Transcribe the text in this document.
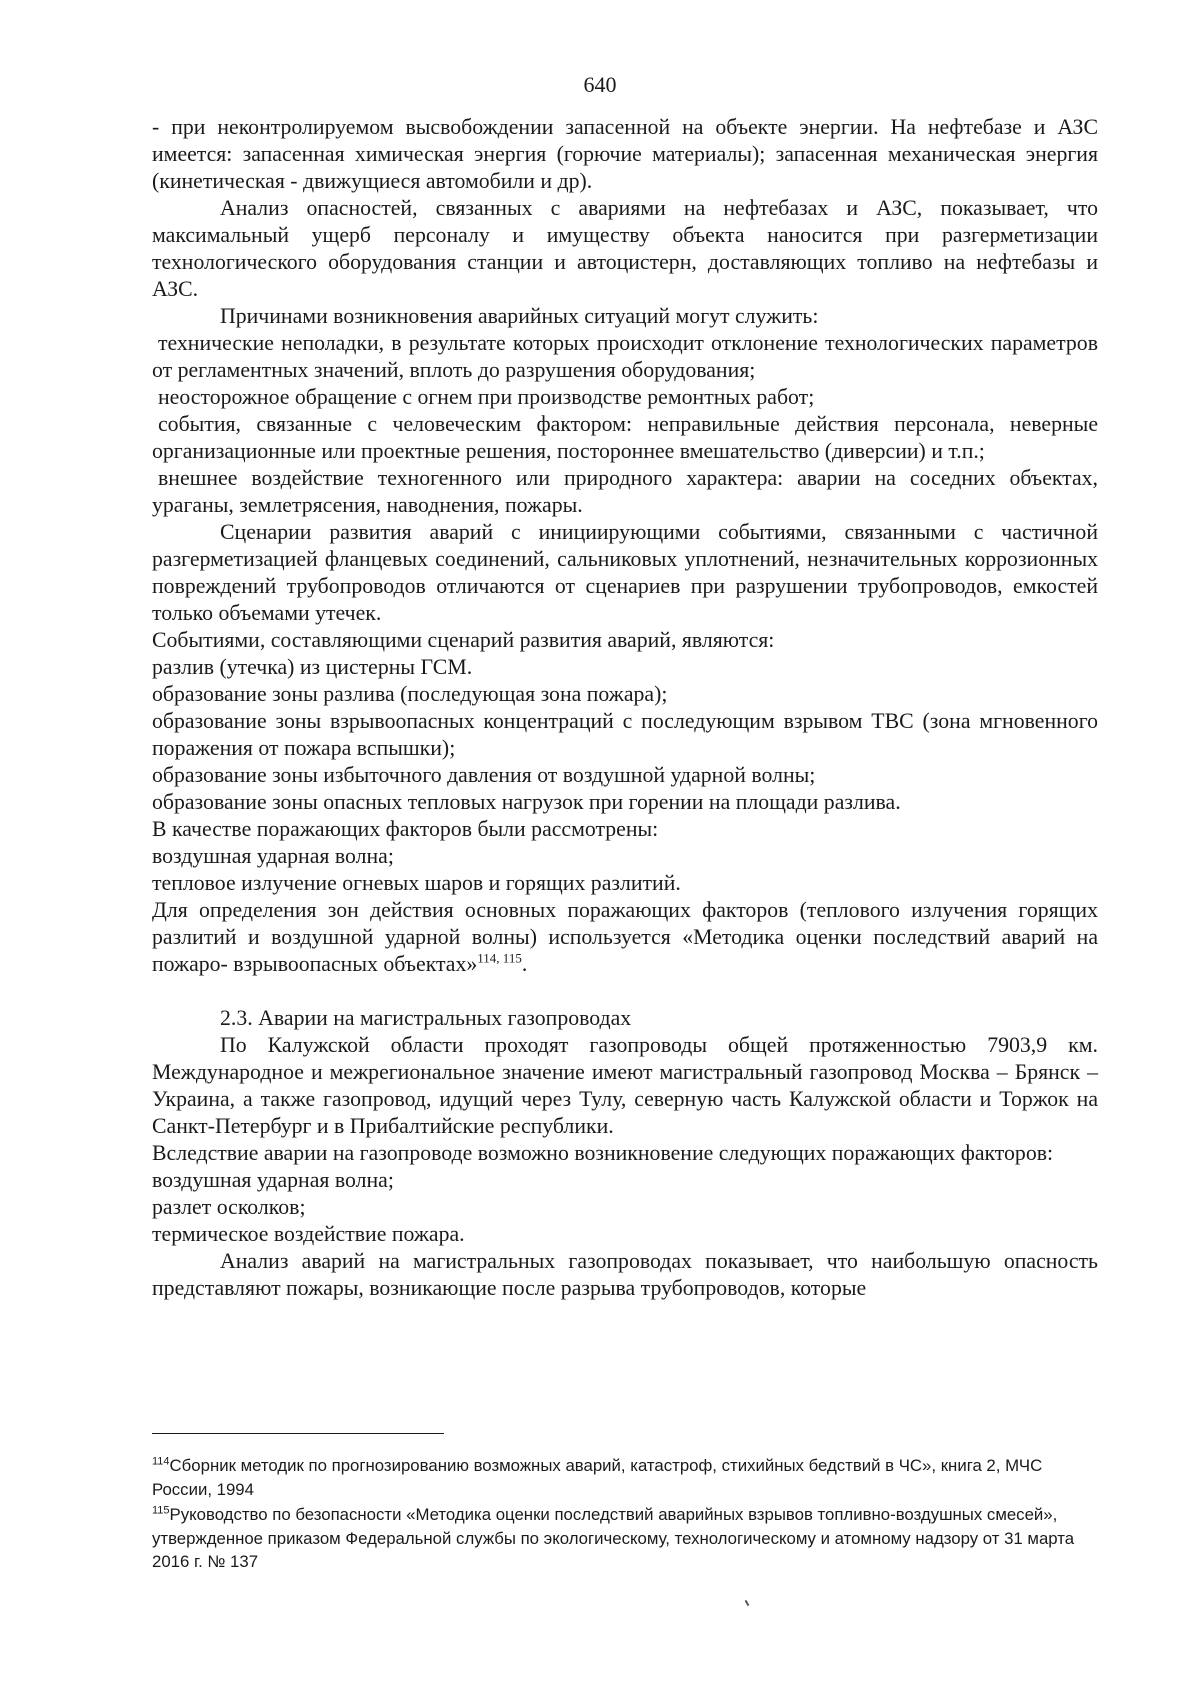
640

- при неконтролируемом высвобождении запасенной на объекте энергии. На нефтебазе и АЗС имеется: запасенная химическая энергия (горючие материалы); запасенная механическая энергия (кинетическая - движущиеся автомобили и др).

Анализ опасностей, связанных с авариями на нефтебазах и АЗС, показывает, что максимальный ущерб персоналу и имуществу объекта наносится при разгерметизации технологического оборудования станции и автоцистерн, доставляющих топливо на нефтебазы и АЗС.

Причинами возникновения аварийных ситуаций могут служить:

технические неполадки, в результате которых происходит отклонение технологических параметров от регламентных значений, вплоть до разрушения оборудования;

неосторожное обращение с огнем при производстве ремонтных работ;

события, связанные с человеческим фактором: неправильные действия персонала, неверные организационные или проектные решения, постороннее вмешательство (диверсии) и т.п.;

внешнее воздействие техногенного или природного характера: аварии на соседних объектах, ураганы, землетрясения, наводнения, пожары.

Сценарии развития аварий с инициирующими событиями, связанными с частичной разгерметизацией фланцевых соединений, сальниковых уплотнений, незначительных коррозионных повреждений трубопроводов отличаются от сценариев при разрушении трубопроводов, емкостей только объемами утечек.

Событиями, составляющими сценарий развития аварий, являются:

разлив (утечка) из цистерны ГСМ.

образование зоны разлива (последующая зона пожара);

образование зоны взрывоопасных концентраций с последующим взрывом ТВС (зона мгновенного поражения от пожара вспышки);

образование зоны избыточного давления от воздушной ударной волны;

образование зоны опасных тепловых нагрузок при горении на площади разлива.

В качестве поражающих факторов были рассмотрены:

воздушная ударная волна;

тепловое излучение огневых шаров и горящих разлитий.

Для определения зон действия основных поражающих факторов (теплового излучения горящих разлитий и воздушной ударной волны) используется «Методика оценки последствий аварий на пожаро- взрывоопасных объектах»$^{114, 115}$.

2.3. Аварии на магистральных газопроводах

По Калужской области проходят газопроводы общей протяженностью 7903,9 км. Международное и межрегиональное значение имеют магистральный газопровод Москва – Брянск – Украина, а также газопровод, идущий через Тулу, северную часть Калужской области и Торжок на Санкт-Петербург и в Прибалтийские республики.

Вследствие аварии на газопроводе возможно возникновение следующих поражающих факторов:

воздушная ударная волна;

разлет осколков;

термическое воздействие пожара.

Анализ аварий на магистральных газопроводах показывает, что наибольшую опасность представляют пожары, возникающие после разрыва трубопроводов, которые

$^{114}$Сборник методик по прогнозированию возможных аварий, катастроф, стихийных бедствий в ЧС», книга 2, МЧС России, 1994

$^{115}$Руководство по безопасности «Методика оценки последствий аварийных взрывов топливно-воздушных смесей», утвержденное приказом Федеральной службы по экологическому, технологическому и атомному надзору от 31 марта 2016 г. № 137
